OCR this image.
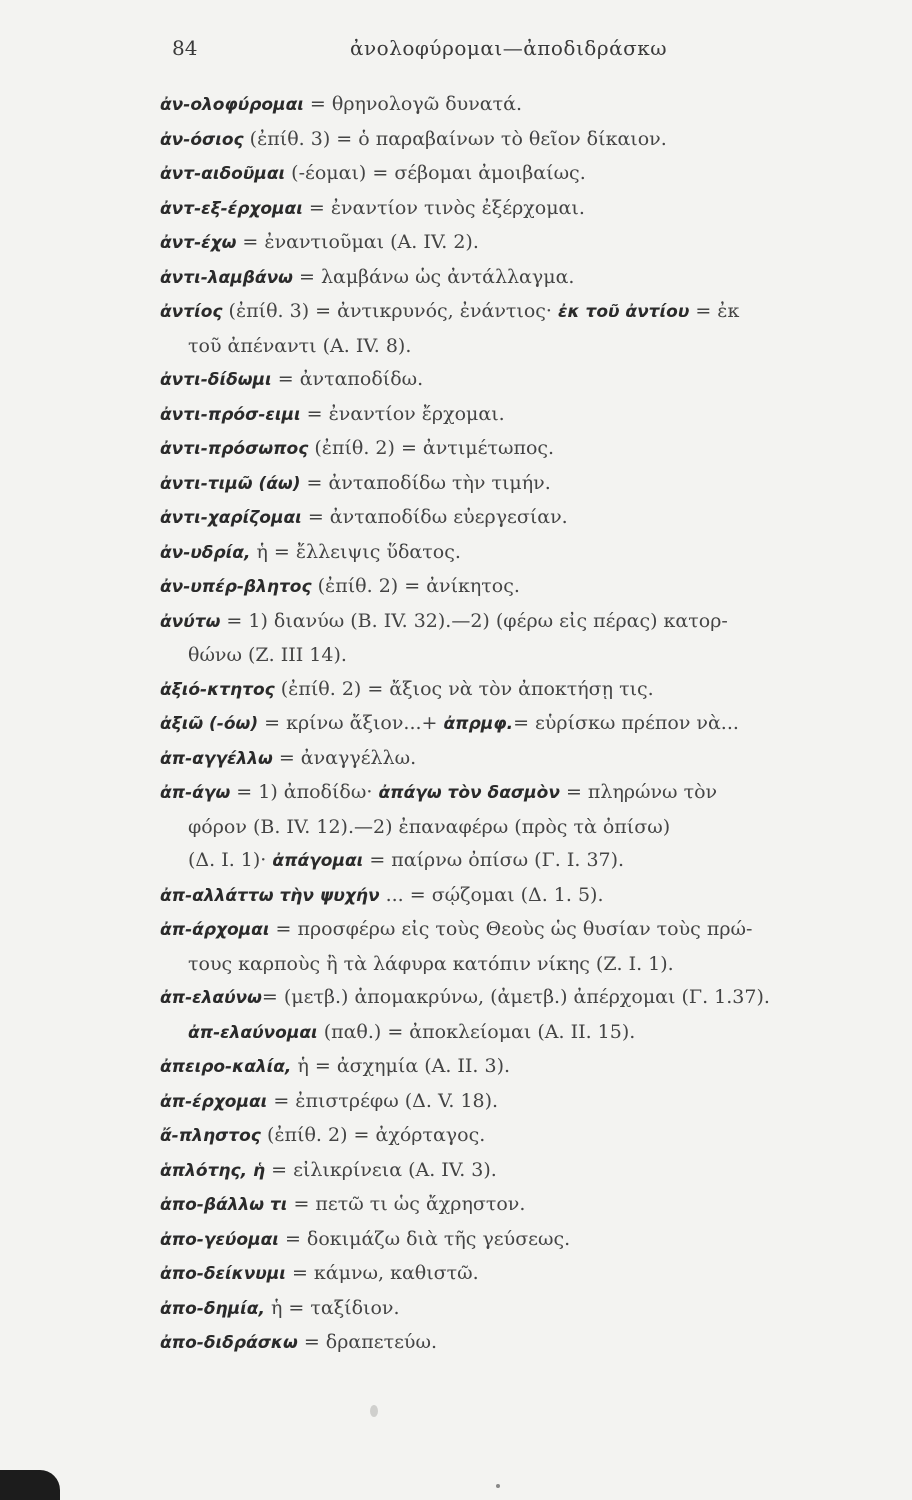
84	ἀνολοφύρομαι—ἀποδιδράσκω
ἀν-ολοφύρομαι = θρηνολογῶ δυνατά.
ἀν-όσιος (ἐπίθ. 3) = ὁ παραβαίνων τὸ θεῖον δίκαιον.
ἀντ-αιδοῦμαι (-έομαι) = σέβομαι ἀμοιβαίως.
ἀντ-εξ-έρχομαι = ἐναντίον τινὸς ἐξέρχομαι.
ἀντ-έχω = ἐναντιοῦμαι (Α. IV. 2).
ἀντι-λαμβάνω = λαμβάνω ὡς ἀντάλλαγμα.
ἀντίος (ἐπίθ. 3) = ἀντικρυνός, ἐνάντιος· ἐκ τοῦ ἀντίου = ἐκ
τοῦ ἀπέναντι (Α. IV. 8).
ἀντι-δίδωμι = ἀνταποδίδω.
ἀντι-πρόσ-ειμι = ἐναντίον ἔρχομαι.
ἀντι-πρόσωπος (ἐπίθ. 2) = ἀντιμέτωπος.
ἀντι-τιμῶ (άω) = ἀνταποδίδω τὴν τιμήν.
ἀντι-χαρίζομαι = ἀνταποδίδω εὐεργεσίαν.
ἀν-υδρία, ἡ = ἔλλειψις ὕδατος.
ἀν-υπέρ-βλητος (ἐπίθ. 2) = ἀνίκητος.
ἀνύτω = 1) διανύω (Β. IV. 32).—2) (φέρω εἰς πέρας) κατορ-
θώνω (Ζ. III 14).
ἀξιό-κτητος (ἐπίθ. 2) = ἄξιος νὰ τὸν ἀποκτήσῃ τις.
ἀξιῶ (-όω) = κρίνω ἄξιον...+ ἀπρμφ.= εὑρίσκω πρέπον νὰ...
ἀπ-αγγέλλω = ἀναγγέλλω.
ἀπ-άγω = 1) ἀποδίδω· ἀπάγω τὸν δασμὸν = πληρώνω τὸν
φόρον (Β. IV. 12).—2) ἐπαναφέρω (πρὸς τὰ ὀπίσω)
(Δ. I. 1)· ἀπάγομαι = παίρνω ὀπίσω (Γ. I. 37).
ἀπ-αλλάττω τὴν ψυχήν ... = σῴζομαι (Δ. 1. 5).
ἀπ-άρχομαι = προσφέρω εἰς τοὺς Θεοὺς ὡς θυσίαν τοὺς πρώ-
τους καρποὺς ἢ τὰ λάφυρα κατόπιν νίκης (Ζ. I. 1).
ἀπ-ελαύνω= (μετβ.) ἀπομακρύνω, (ἀμετβ.) ἀπέρχομαι (Γ. 1.37).
ἀπ-ελαύνομαι (παθ.) = ἀποκλείομαι (Α. II. 15).
ἀπειρο-καλία, ἡ = ἀσχημία (Α. II. 3).
ἀπ-έρχομαι = ἐπιστρέφω (Δ. V. 18).
ἄ-πληστος (ἐπίθ. 2) = ἀχόρταγος.
ἁπλότης, ἡ = εἰλικρίνεια (Α. IV. 3).
ἀπο-βάλλω τι = πετῶ τι ὡς ἄχρηστον.
ἀπο-γεύομαι = δοκιμάζω διὰ τῆς γεύσεως.
ἀπο-δείκνυμι = κάμνω, καθιστῶ.
ἀπο-δημία, ἡ = ταξίδιον.
ἀπο-διδράσκω = δραπετεύω.
